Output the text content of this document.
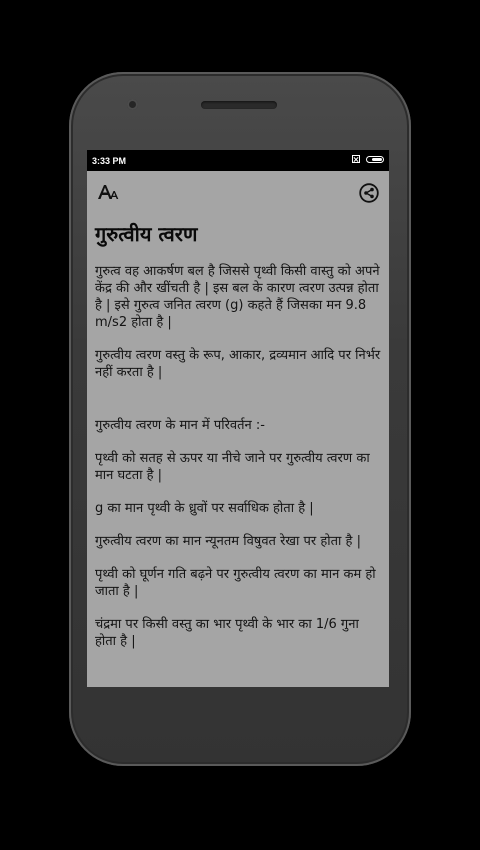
3:33 PM
गुरुत्वीय त्वरण

गुरुत्व वह आकर्षण बल है जिससे पृथ्वी किसी वास्तु को अपने केंद्र की और खींचती है | इस बल के कारण त्वरण उत्पन्न होता है | इसे गुरुत्व जनित त्वरण (g) कहते हैं जिसका मन 9.8 m/s2 होता है |

गुरुत्वीय त्वरण वस्तु के रूप, आकार, द्रव्यमान आदि पर निर्भर नहीं करता है |

गुरुत्वीय त्वरण के मान में परिवर्तन :-

पृथ्वी को सतह से ऊपर या नीचे जाने पर गुरुत्वीय त्वरण का मान घटता है |

g का मान पृथ्वी के ध्रुवों पर सर्वाधिक होता है |

गुरुत्वीय त्वरण का मान न्यूनतम विषुवत रेखा पर होता है |

पृथ्वी को घूर्णन गति बढ़ने पर गुरुत्वीय त्वरण का मान कम हो जाता है |

चंद्रमा पर किसी वस्तु का भार पृथ्वी के भार का 1/6 गुना होता है |
